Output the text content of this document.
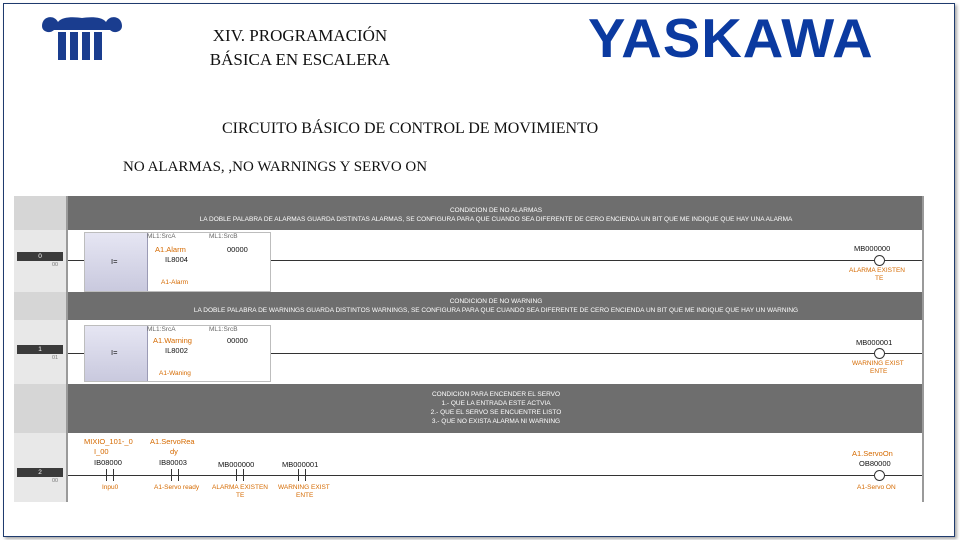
XIV. PROGRAMACIÓN
BÁSICA EN ESCALERA	YASKAWA
CIRCUITO BÁSICO DE CONTROL DE MOVIMIENTO
NO ALARMAS, ,NO WARNINGS Y SERVO ON
CONDICION DE NO ALARMAS
LA DOBLE PALABRA DE ALARMAS GUARDA DISTINTAS ALARMAS, SE CONFIGURA PARA QUE CUANDO SEA DIFERENTE DE CERO ENCIENDA UN BIT QUE ME INDIQUE QUE HAY UNA ALARMA
0
00	I=
ML1:SrcA	ML1:SrcB
A1.Alarm
IL8004
00000
A1-Alarm
MB000000
ALARMA EXISTEN
TE
CONDICION DE NO WARNING
LA DOBLE PALABRA DE WARNINGS GUARDA DISTINTOS WARNINGS, SE CONFIGURA PARA QUE CUANDO SEA DIFERENTE DE CERO ENCIENDA UN BIT QUE ME INDIQUE QUE HAY UN WARNING
1
01
I=
ML1:SrcA	ML1:SrcB
A1.Warning
IL8002
00000
A1-Waning
MB000001
WARNING EXIST
ENTE
CONDICION PARA ENCENDER EL SERVO
1.- QUE LA ENTRADA ESTE ACTVIA
2.- QUE EL SERVO SE ENCUENTRE LISTO
3.- QUE NO EXISTA ALARMA NI WARNING
2
00
MIXIO_101-_0
I_00
IB08000
Inpu0
A1.ServoRea
dy
IB80003
A1-Servo ready
MB000000
ALARMA EXISTEN
TE
MB000001
WARNING EXIST
ENTE
A1.ServoOn
OB80000
A1-Servo ON
